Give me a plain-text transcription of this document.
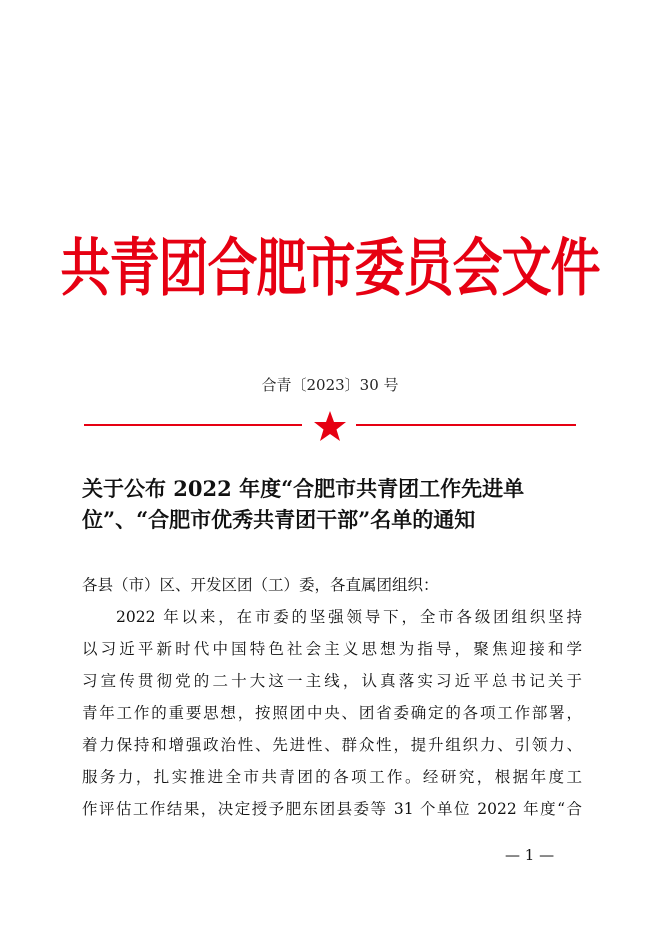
共青团合肥市委员会文件
合青〔2023〕30 号
关于公布 2022 年度“合肥市共青团工作先进单
位”、“合肥市优秀共青团干部”名单的通知
各县（市）区、开发区团（工）委，各直属团组织：
2022 年以来，在市委的坚强领导下，全市各级团组织坚持
以习近平新时代中国特色社会主义思想为指导，聚焦迎接和学
习宣传贯彻党的二十大这一主线，认真落实习近平总书记关于
青年工作的重要思想，按照团中央、团省委确定的各项工作部署，
着力保持和增强政治性、先进性、群众性，提升组织力、引领力、
服务力，扎实推进全市共青团的各项工作。经研究，根据年度工
作评估工作结果，决定授予肥东团县委等 31 个单位 2022 年度“合
— 1 —
